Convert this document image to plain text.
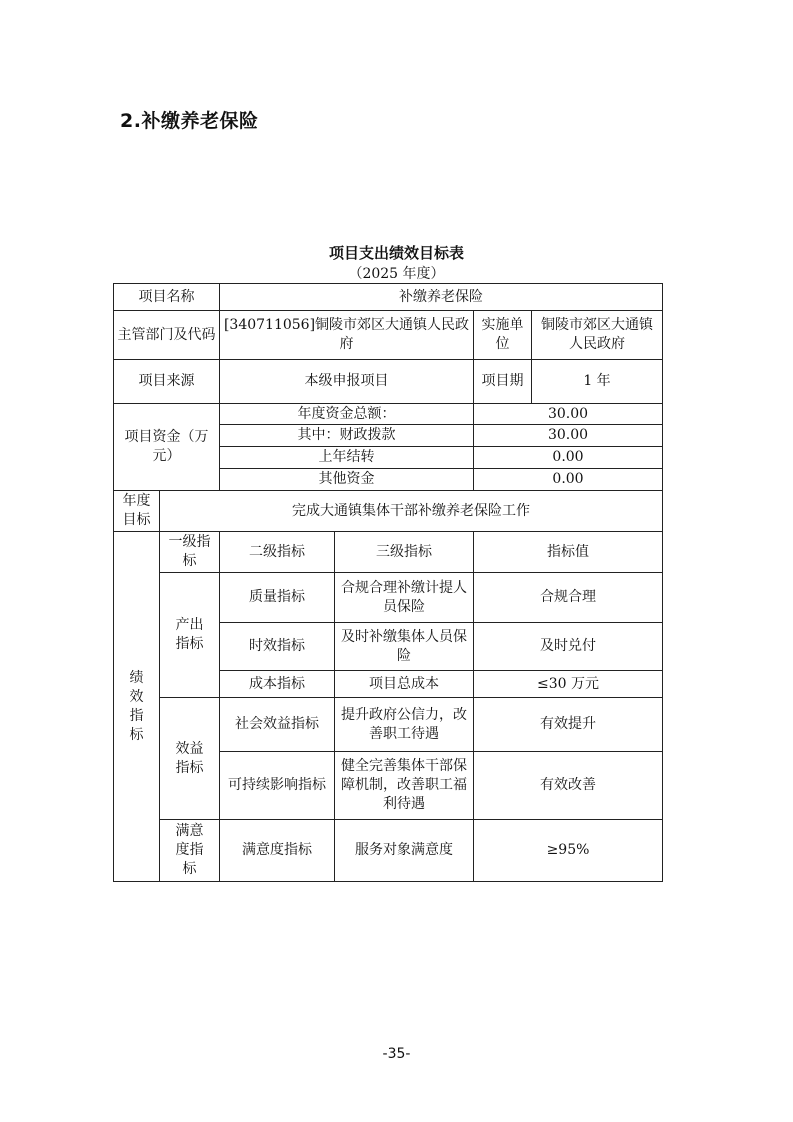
2.补缴养老保险
项目支出绩效目标表
（2025 年度）
项目名称		补缴养老保险			
主管部门及代码		[340711056]铜陵市郊区大通镇人民政府		实施单位	铜陵市郊区大通镇人民政府
项目来源		本级申报项目		项目期	1 年
项目资金（万元）		年度资金总额：		30.00	
		其中：财政拨款		30.00	
		上年结转		0.00	
		其他资金		0.00	
年度目标	完成大通镇集体干部补缴养老保险工作				
绩效指标	一级指标	二级指标	三级指标	指标值	
	产出指标	质量指标	合规合理补缴计提人员保险	合规合理	
		时效指标	及时补缴集体人员保险	及时兑付	
		成本指标	项目总成本	≤30 万元	
	效益指标	社会效益指标	提升政府公信力，改善职工待遇	有效提升	
		可持续影响指标	健全完善集体干部保障机制，改善职工福利待遇	有效改善	
	满意度指标	满意度指标	服务对象满意度	≥95%	
-35-
